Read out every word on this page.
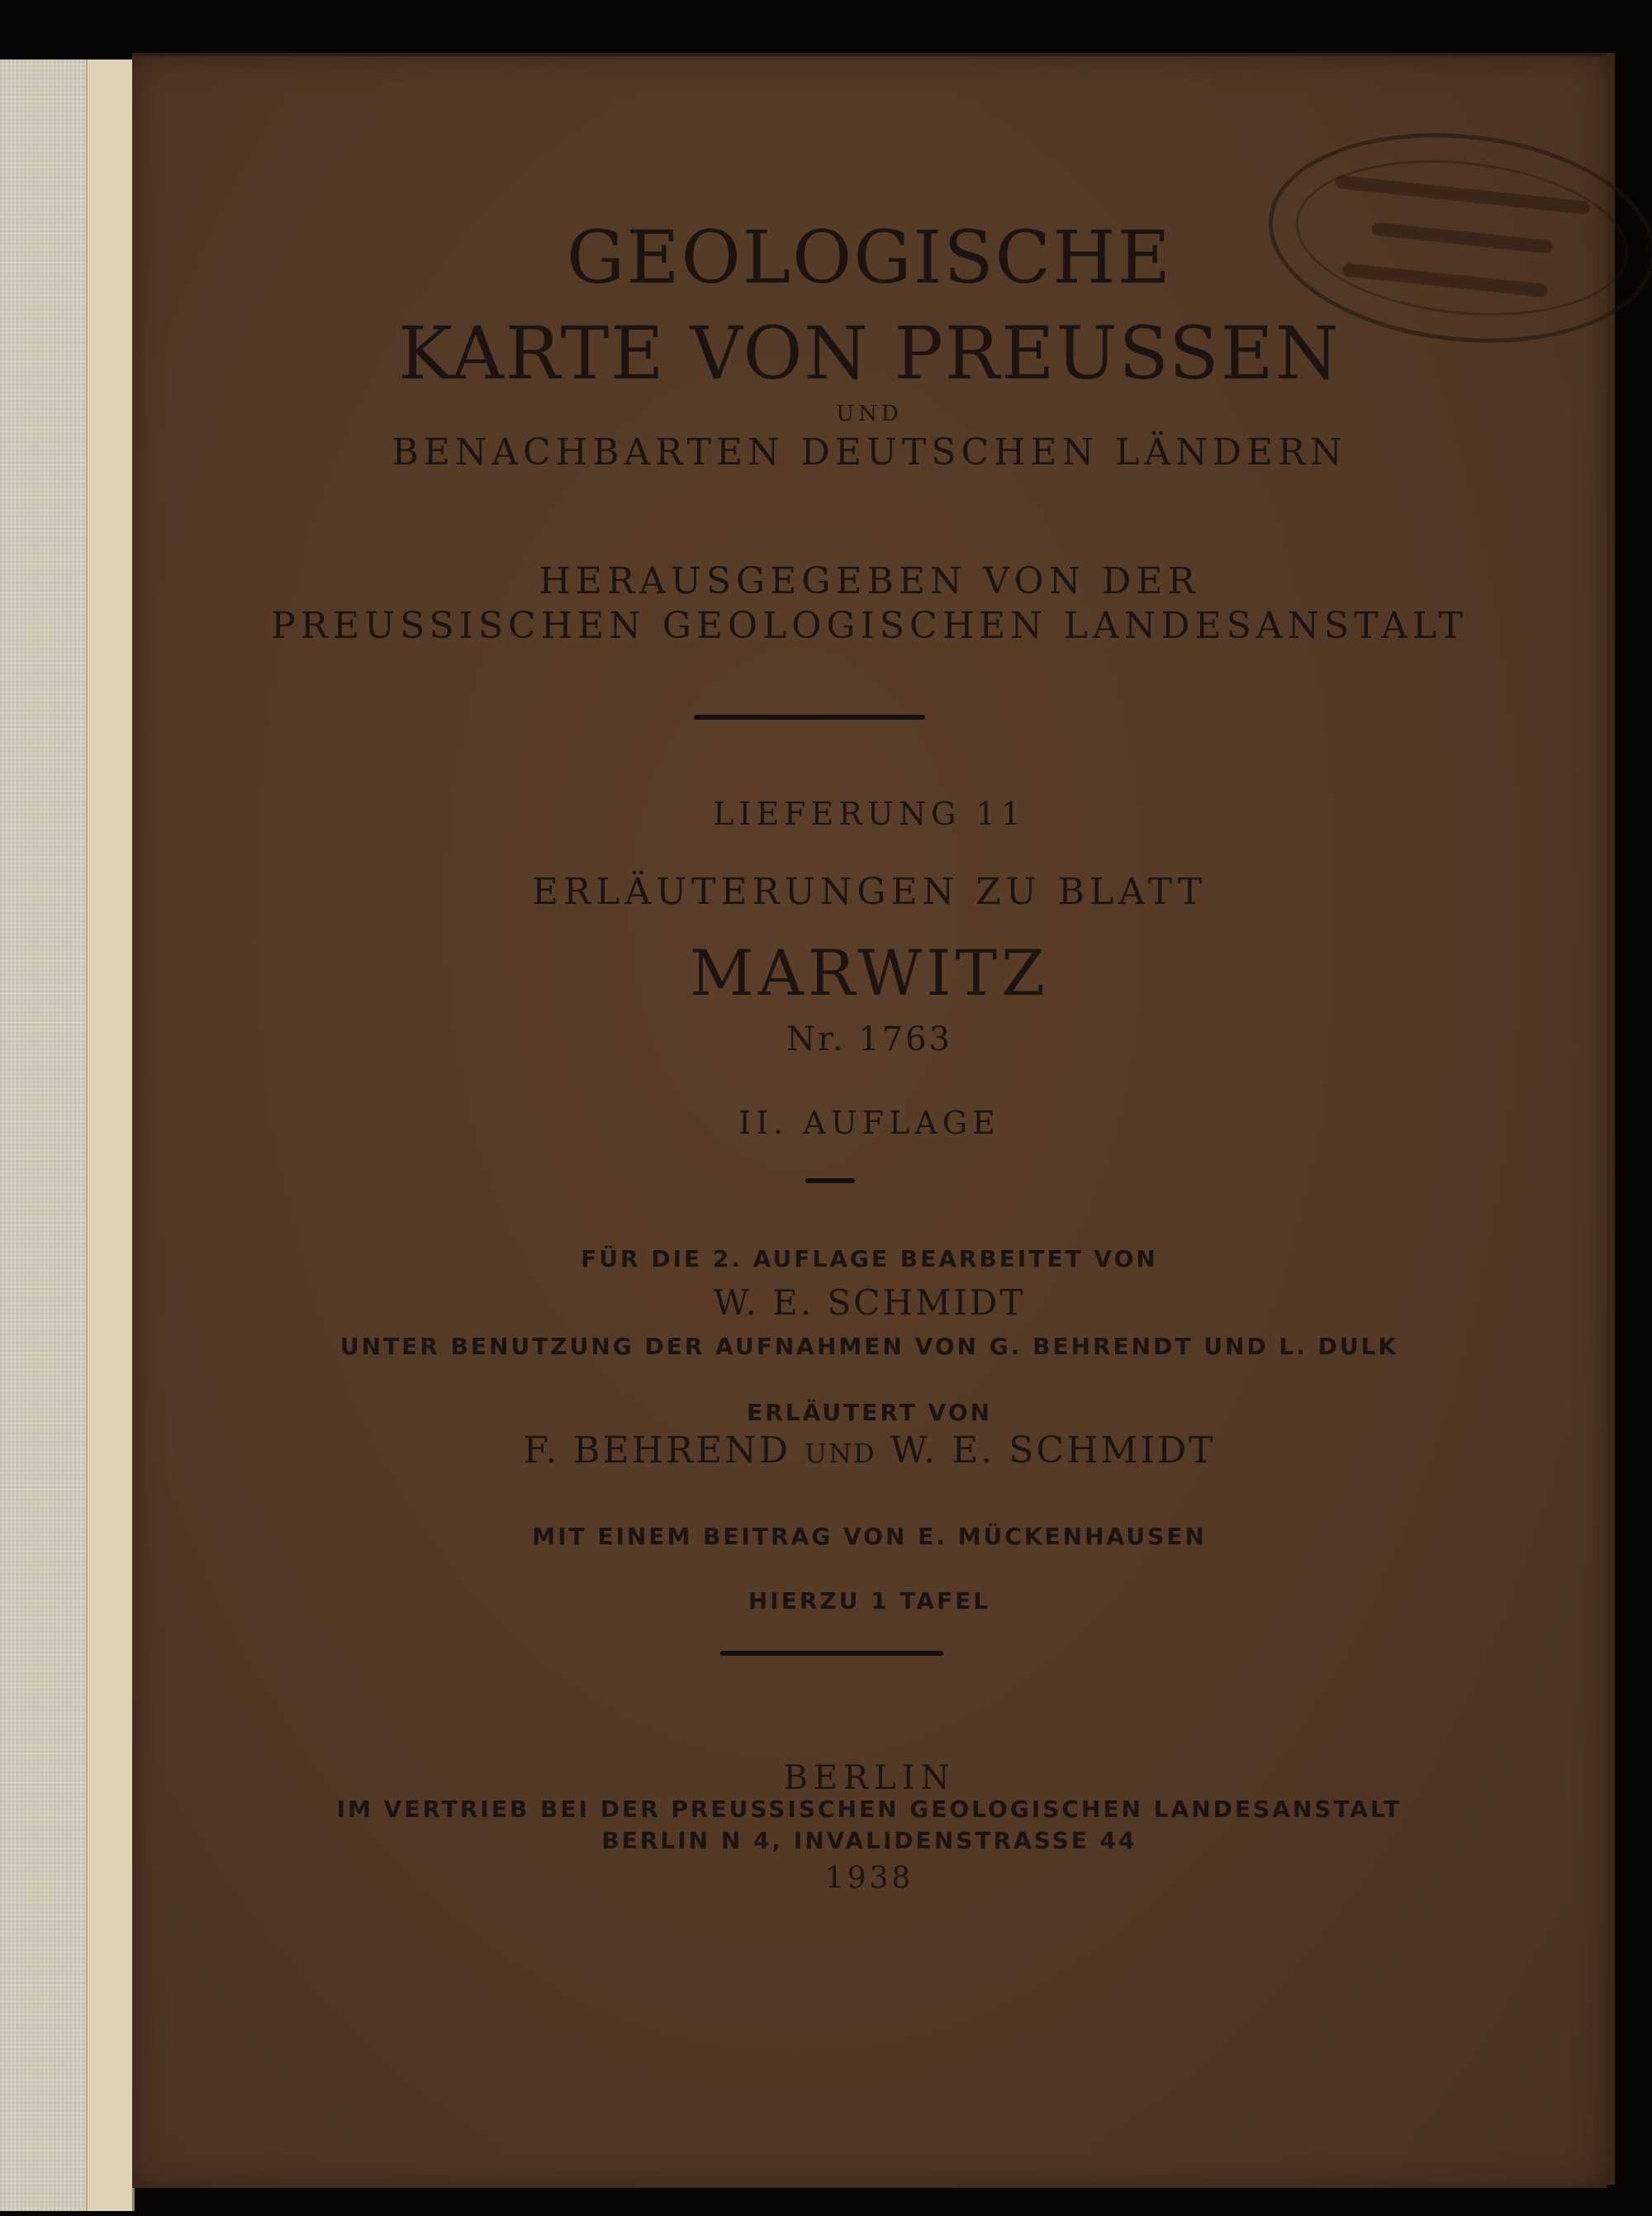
GEOLOGISCHE

KARTE VON PREUSSEN

UND

BENACHBARTEN DEUTSCHEN LÄNDERN

HERAUSGEGEBEN VON DER

PREUSSISCHEN GEOLOGISCHEN LANDESANSTALT

LIEFERUNG 11

ERLÄUTERUNGEN ZU BLATT

MARWITZ

Nr. 1763

II. AUFLAGE

FÜR DIE 2. AUFLAGE BEARBEITET VON

W. E. SCHMIDT

UNTER BENUTZUNG DER AUFNAHMEN VON G. BEHRENDT UND L. DULK

ERLÄUTERT VON

F. BEHREND UND W. E. SCHMIDT

MIT EINEM BEITRAG VON E. MÜCKENHAUSEN

HIERZU 1 TAFEL

BERLIN

IM VERTRIEB BEI DER PREUSSISCHEN GEOLOGISCHEN LANDESANSTALT

BERLIN N 4, INVALIDENSTRASSE 44

1938
